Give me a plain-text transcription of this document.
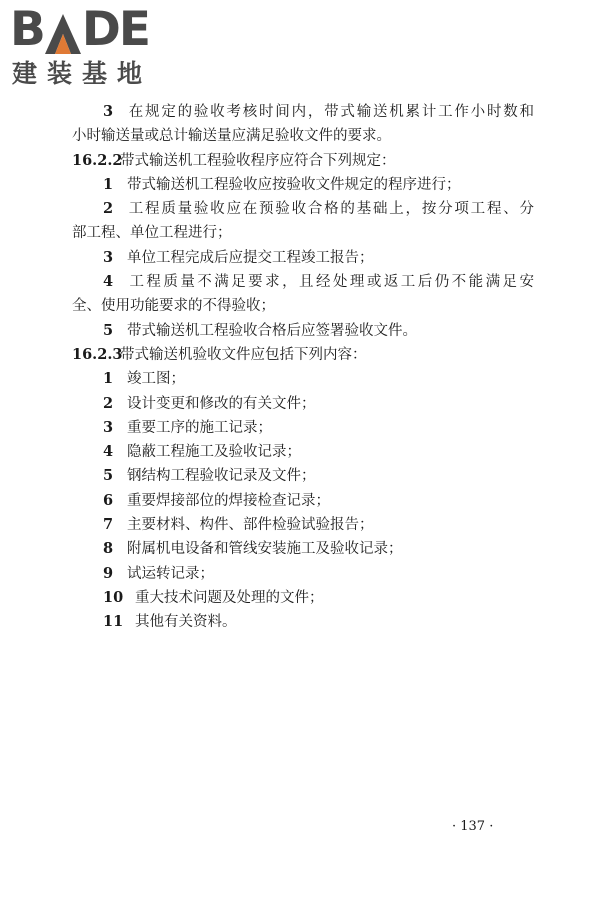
B DE
建装基地
3 在规定的验收考核时间内，带式输送机累计工作小时数和
小时输送量或总计输送量应满足验收文件的要求。
16.2.2带式输送机工程验收程序应符合下列规定：
1 带式输送机工程验收应按验收文件规定的程序进行；
2 工程质量验收应在预验收合格的基础上，按分项工程、分
部工程、单位工程进行；
3 单位工程完成后应提交工程竣工报告；
4 工程质量不满足要求，且经处理或返工后仍不能满足安
全、使用功能要求的不得验收；
5 带式输送机工程验收合格后应签署验收文件。
16.2.3带式输送机验收文件应包括下列内容：
1 竣工图；
2 设计变更和修改的有关文件；
3 重要工序的施工记录；
4 隐蔽工程施工及验收记录；
5 钢结构工程验收记录及文件；
6 重要焊接部位的焊接检查记录；
7 主要材料、构件、部件检验试验报告；
8 附属机电设备和管线安装施工及验收记录；
9 试运转记录；
10 重大技术问题及处理的文件；
11 其他有关资料。
· 137 ·
